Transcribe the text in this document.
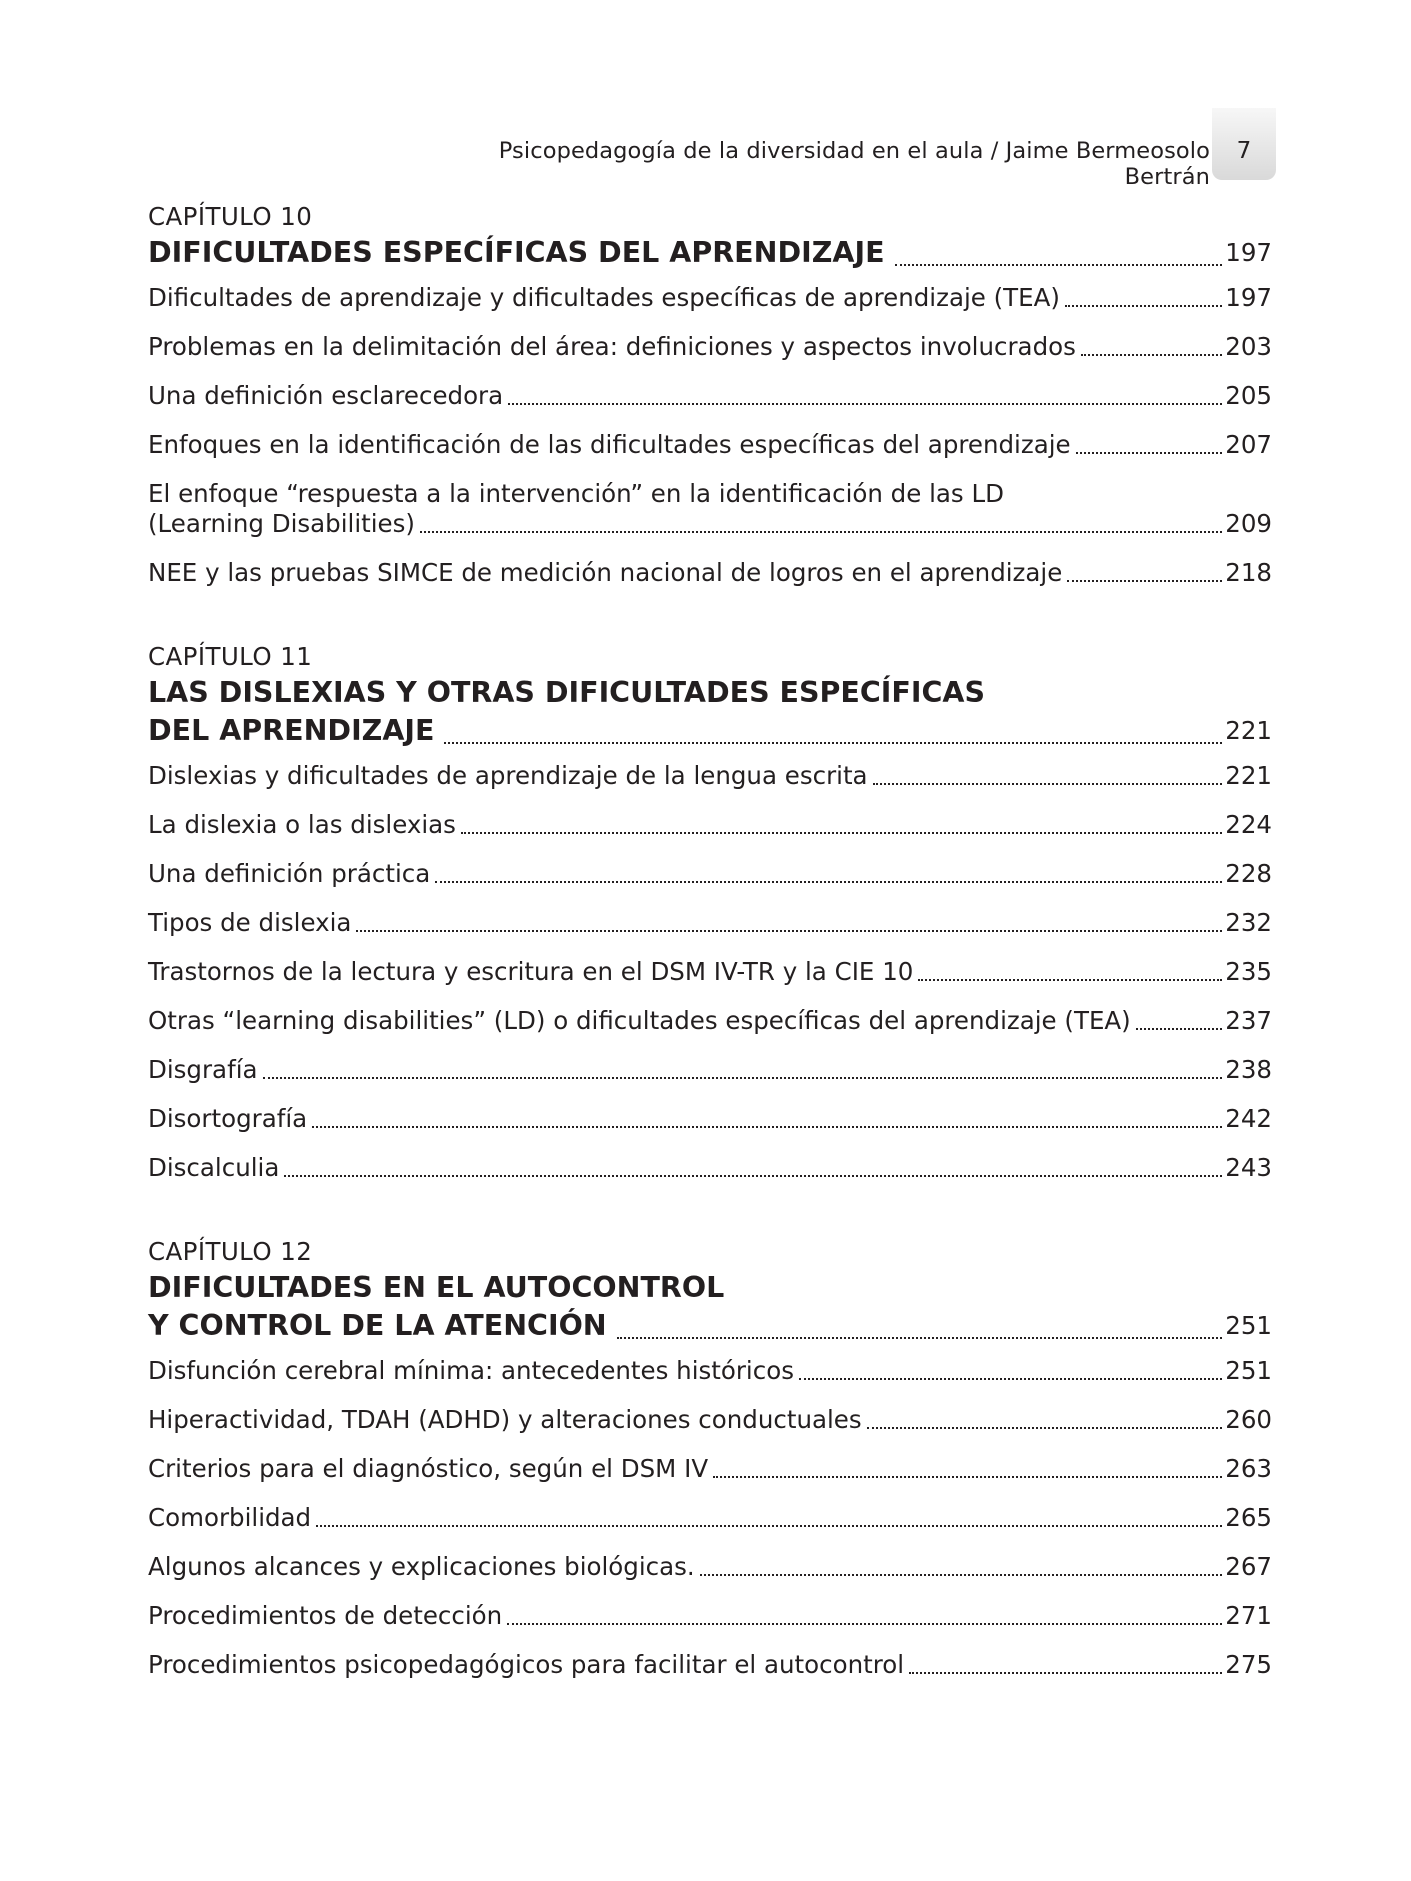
Psicopedagogía de la diversidad en el aula / Jaime Bermeosolo Bertrán
7
CAPÍTULO 10
DIFICULTADES ESPECÍFICAS DEL APRENDIZAJE	197
Dificultades de aprendizaje y dificultades específicas de aprendizaje (TEA)	197
Problemas en la delimitación del área: definiciones y aspectos involucrados	203
Una definición esclarecedora	205
Enfoques en la identificación de las dificultades específicas del aprendizaje	207
El enfoque “respuesta a la intervención” en la identificación de las LD
(Learning Disabilities)	209
NEE y las pruebas SIMCE de medición nacional de logros en el aprendizaje	218
CAPÍTULO 11
LAS DISLEXIAS Y OTRAS DIFICULTADES ESPECÍFICAS
DEL APRENDIZAJE	221
Dislexias y dificultades de aprendizaje de la lengua escrita	221
La dislexia o las dislexias	224
Una definición práctica	228
Tipos de dislexia	232
Trastornos de la lectura y escritura en el DSM IV-TR y la CIE 10	235
Otras “learning disabilities” (LD) o dificultades específicas del aprendizaje (TEA)	237
Disgrafía	238
Disortografía	242
Discalculia	243
CAPÍTULO 12
DIFICULTADES EN EL AUTOCONTROL
Y CONTROL DE LA ATENCIÓN	251
Disfunción cerebral mínima: antecedentes históricos	251
Hiperactividad, TDAH (ADHD) y alteraciones conductuales	260
Criterios para el diagnóstico, según el DSM IV	263
Comorbilidad	265
Algunos alcances y explicaciones biológicas.	267
Procedimientos de detección	271
Procedimientos psicopedagógicos para facilitar el autocontrol	275
